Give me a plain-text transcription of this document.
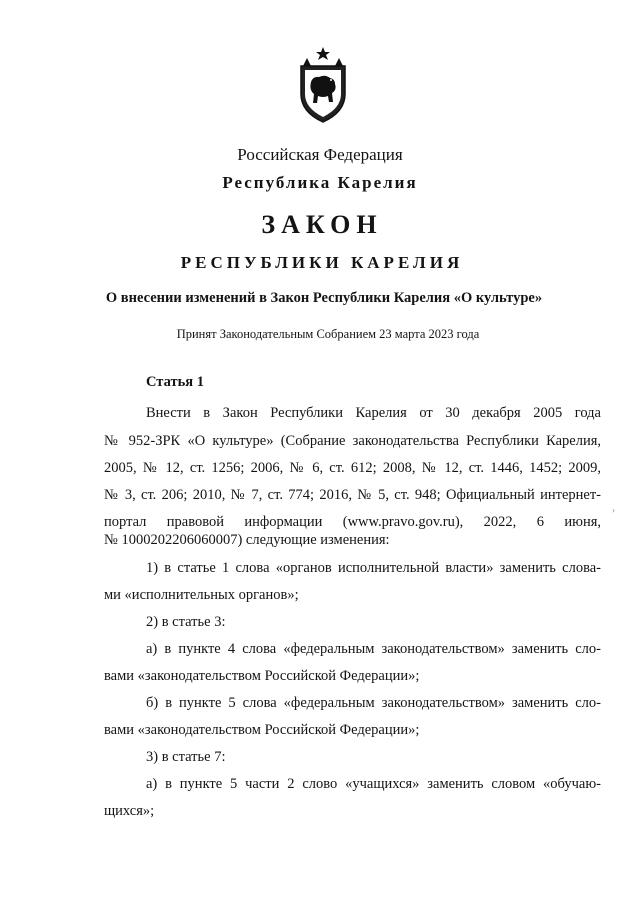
Российская Федерация
Республика Карелия
ЗАКОН
РЕСПУБЛИКИ КАРЕЛИЯ
О внесении изменений в Закон Республики Карелия «О культуре»
Принят Законодательным Собранием 23 марта 2023 года
Статья 1
Внести в Закон Республики Карелия от 30 декабря 2005 года
№ 952-ЗРК «О культуре» (Собрание законодательства Республики Карелия,
2005, № 12, ст. 1256; 2006, № 6, ст. 612; 2008, № 12, ст. 1446, 1452; 2009,
№ 3, ст. 206; 2010, № 7, ст. 774; 2016, № 5, ст. 948; Официальный интернет-
портал правовой информации (www.pravo.gov.ru), 2022, 6 июня,
№ 1000202206060007) следующие изменения:
1) в статье 1 слова «органов исполнительной власти» заменить слова-
ми «исполнительных органов»;
2) в статье 3:
а) в пункте 4 слова «федеральным законодательством» заменить сло-
вами «законодательством Российской Федерации»;
б) в пункте 5 слова «федеральным законодательством» заменить сло-
вами «законодательством Российской Федерации»;
3) в статье 7:
а) в пункте 5 части 2 слово «учащихся» заменить словом «обучаю-
щихся»;
›
